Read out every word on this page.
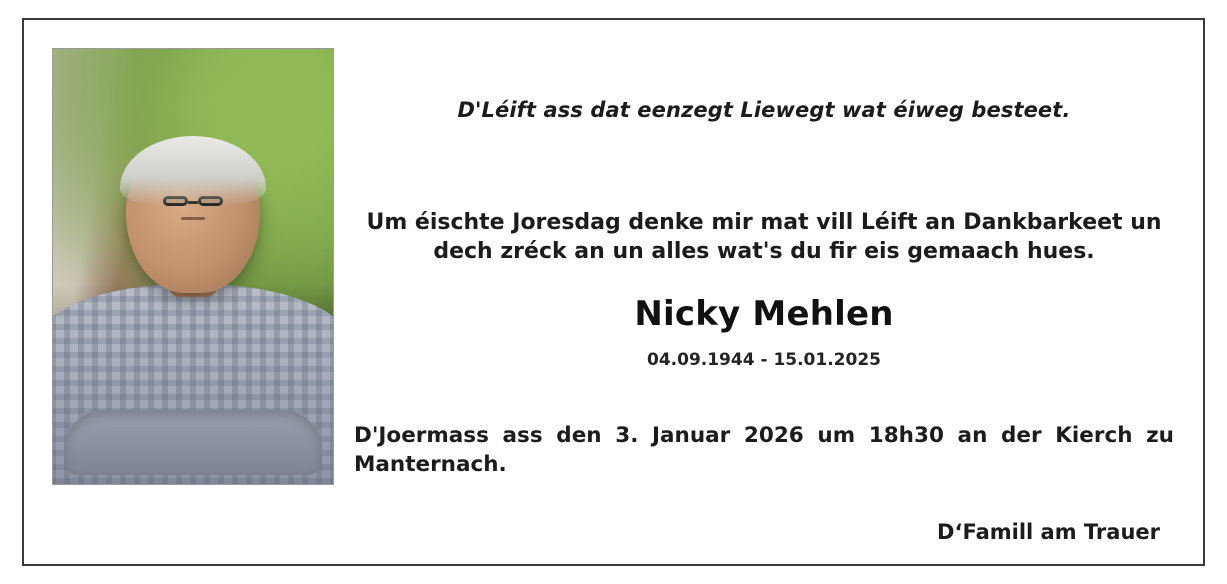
D'Léift ass dat eenzegt Liewegt wat éiweg besteet.
Um éischte Joresdag denke mir mat vill Léift an Dankbarkeet un dech zréck an un alles wat's du fir eis gemaach hues.
Nicky Mehlen
04.09.1944 - 15.01.2025
D'Joermass ass den 3. Januar 2026 um 18h30 an der Kierch zu Manternach.
D‘Famill am Trauer
